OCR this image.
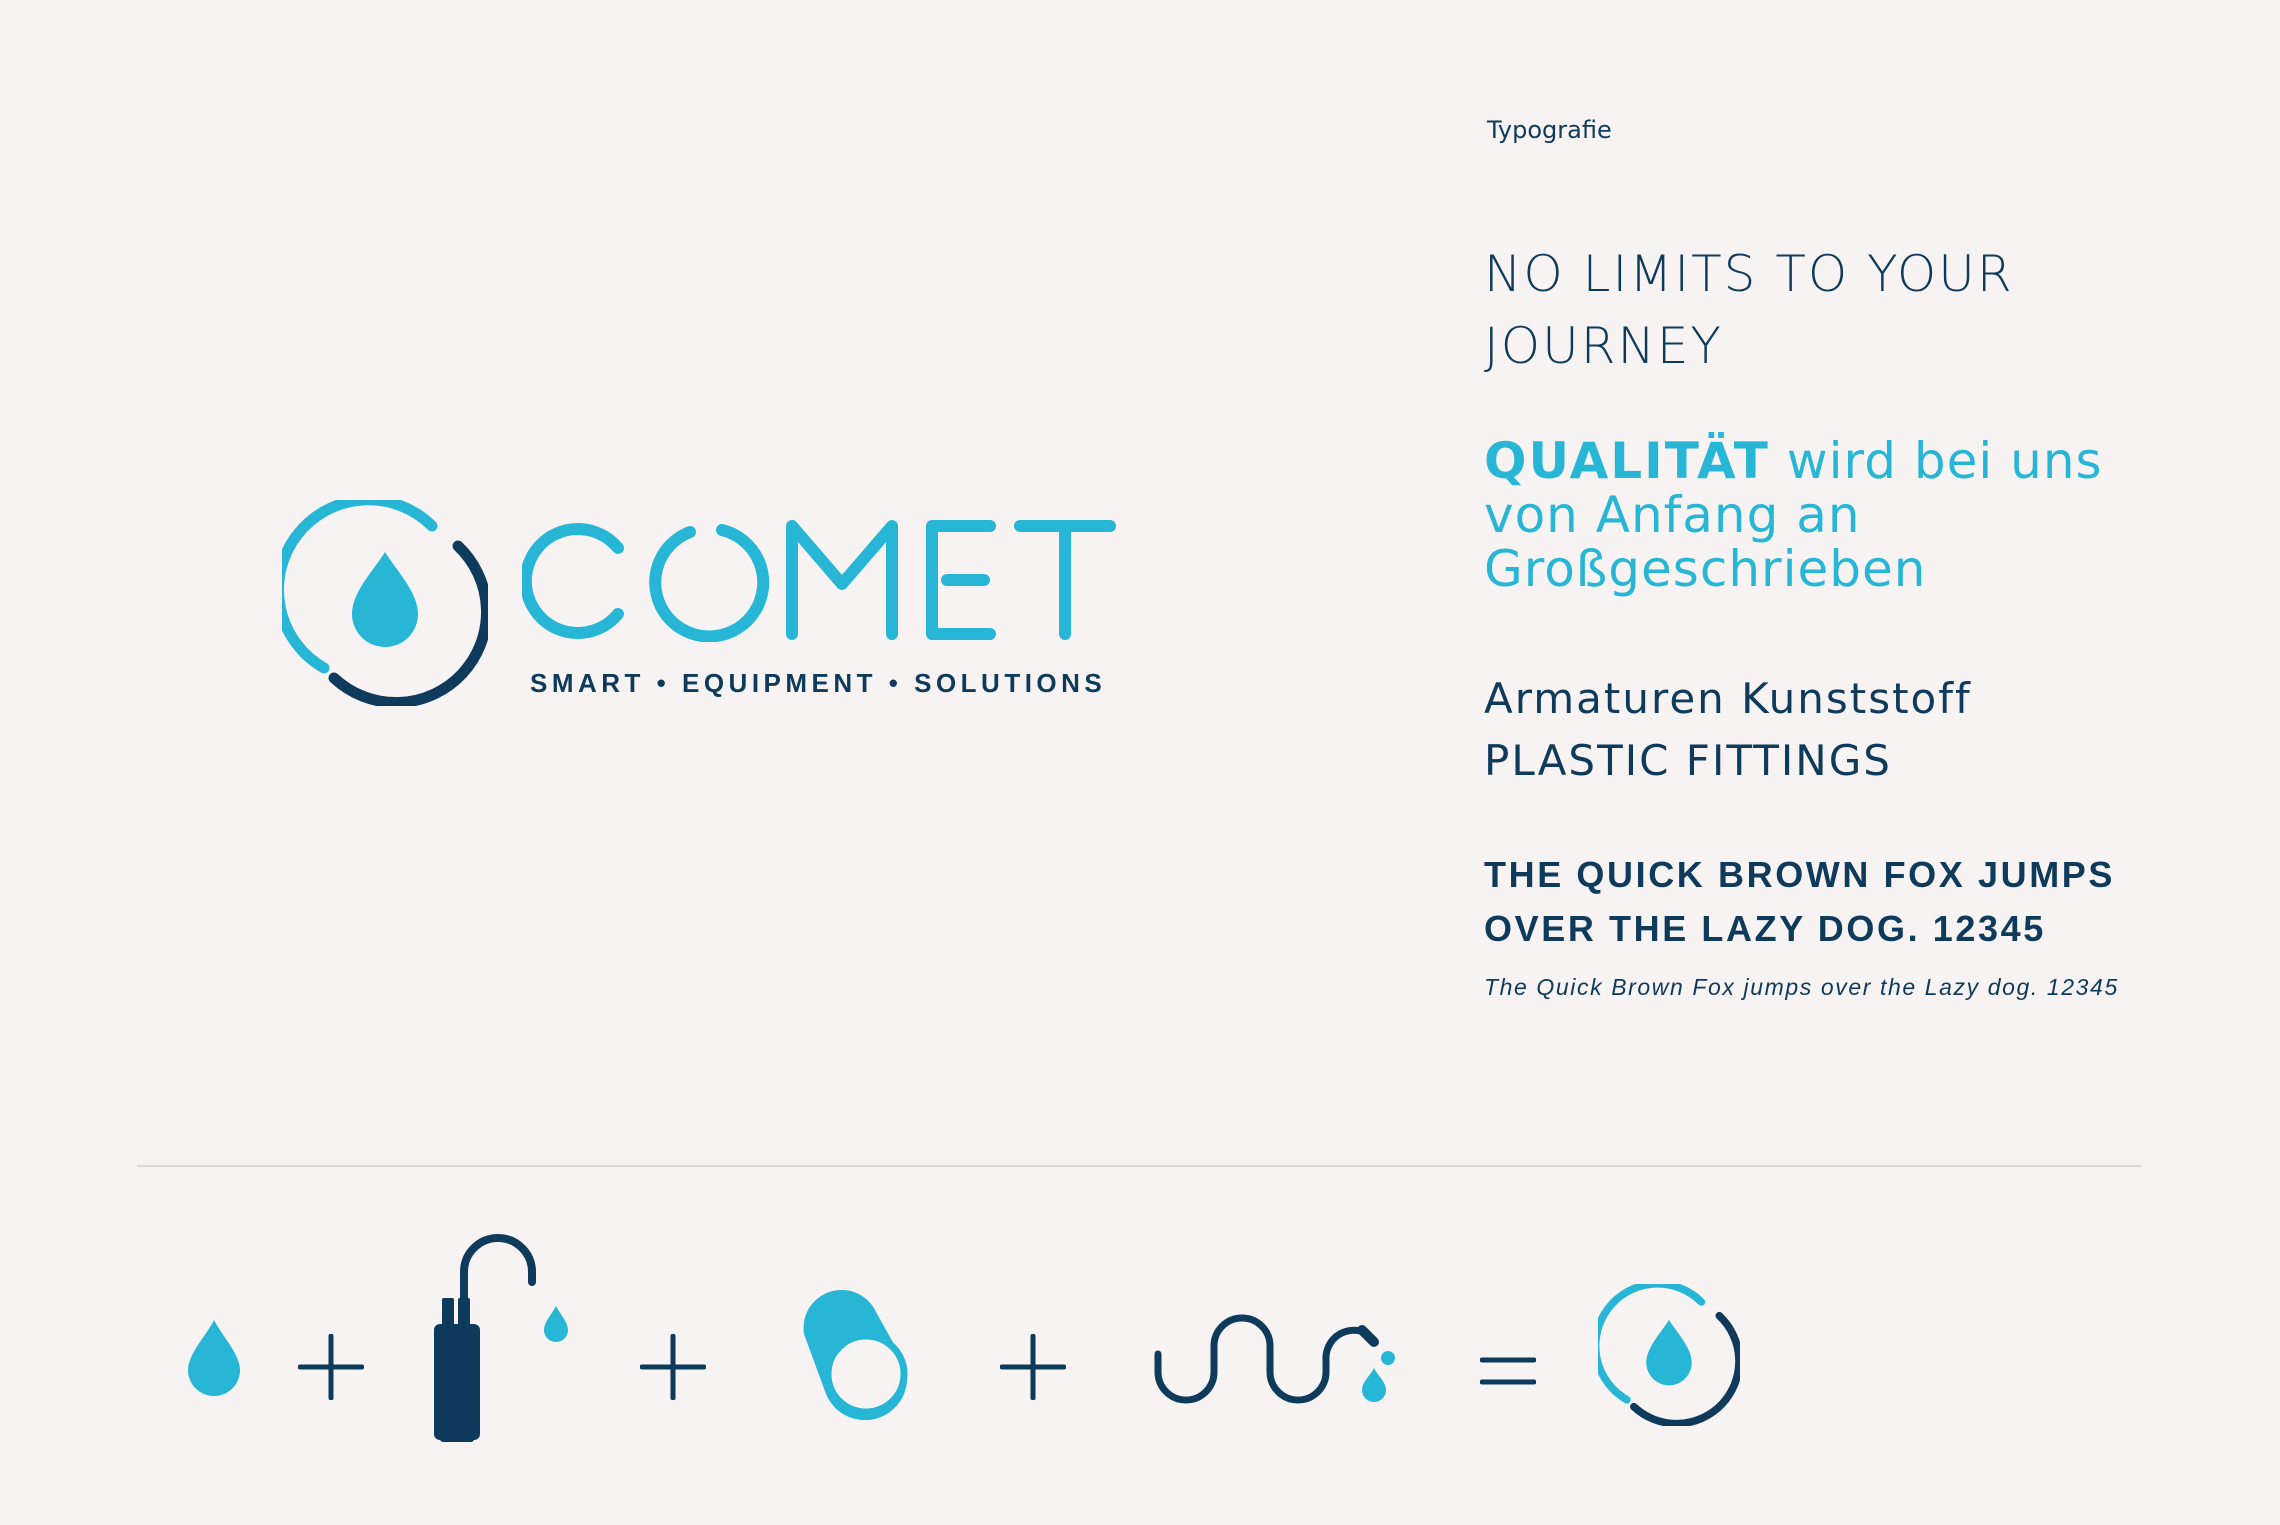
COMET
SMART • EQUIPMENT • SOLUTIONS
Typografie
NO LIMITS TO YOUR
JOURNEY
QUALITÄT wird bei uns
von Anfang an
Großgeschrieben
Armaturen Kunststoff
PLASTIC FITTINGS
THE QUICK BROWN FOX JUMPS
OVER THE LAZY DOG. 12345
The Quick Brown Fox jumps over the Lazy dog. 12345
